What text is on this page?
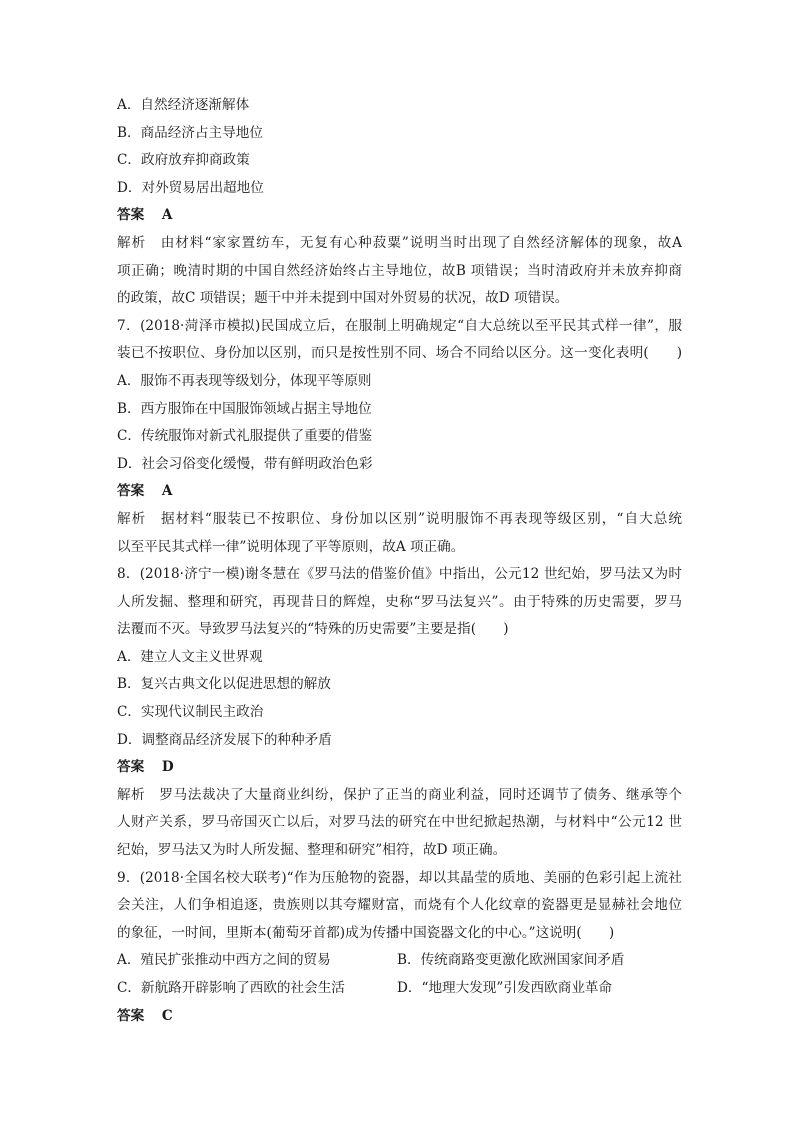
A．自然经济逐渐解体
B．商品经济占主导地位
C．政府放弃抑商政策
D．对外贸易居出超地位
答案 A
解析　由材料“家家置纺车，无复有心种菽粟”说明当时出现了自然经济解体的现象，故A
项正确；晚清时期的中国自然经济始终占主导地位，故B 项错误；当时清政府并未放弃抑商
的政策，故C 项错误；题干中并未提到中国对外贸易的状况，故D 项错误。
7．(2018·菏泽市模拟)民国成立后，在服制上明确规定“自大总统以至平民其式样一律”，服
装已不按职位、身份加以区别，而只是按性别不同、场合不同给以区分。这一变化表明(　　)
A．服饰不再表现等级划分，体现平等原则
B．西方服饰在中国服饰领域占据主导地位
C．传统服饰对新式礼服提供了重要的借鉴
D．社会习俗变化缓慢，带有鲜明政治色彩
答案 A
解析　据材料“服装已不按职位、身份加以区别”说明服饰不再表现等级区别，“自大总统
以至平民其式样一律”说明体现了平等原则，故A 项正确。
8．(2018·济宁一模)谢冬慧在《罗马法的借鉴价值》中指出，公元12 世纪始，罗马法又为时
人所发掘、整理和研究，再现昔日的辉煌，史称“罗马法复兴”。由于特殊的历史需要，罗马
法覆而不灭。导致罗马法复兴的“特殊的历史需要”主要是指(　　)
A．建立人文主义世界观
B．复兴古典文化以促进思想的解放
C．实现代议制民主政治
D．调整商品经济发展下的种种矛盾
答案 D
解析　罗马法裁决了大量商业纠纷，保护了正当的商业利益，同时还调节了债务、继承等个
人财产关系，罗马帝国灭亡以后，对罗马法的研究在中世纪掀起热潮，与材料中“公元12 世
纪始，罗马法又为时人所发掘、整理和研究”相符，故D 项正确。
9．(2018·全国名校大联考)“作为压舱物的瓷器，却以其晶莹的质地、美丽的色彩引起上流社
会关注，人们争相追逐，贵族则以其夸耀财富，而烧有个人化纹章的瓷器更是显赫社会地位
的象征，一时间，里斯本(葡萄牙首都)成为传播中国瓷器文化的中心。”这说明(　　)
A．殖民扩张推动中西方之间的贸易	B．传统商路变更激化欧洲国家间矛盾
C．新航路开辟影响了西欧的社会生活	D．“地理大发现”引发西欧商业革命
答案 C
